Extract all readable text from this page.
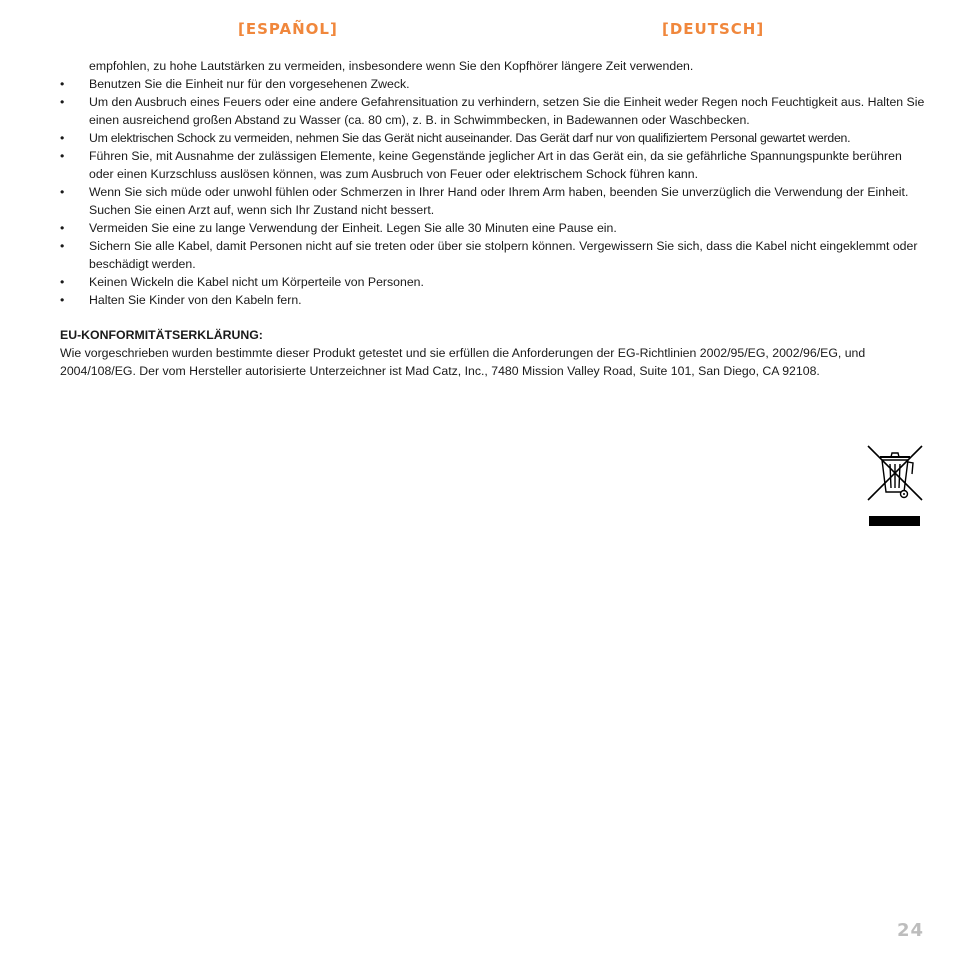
[ESPAÑOL]	[DEUTSCH]
empfohlen, zu hohe Lautstärken zu vermeiden, insbesondere wenn Sie den Kopfhörer längere Zeit verwenden.
• Benutzen Sie die Einheit nur für den vorgesehenen Zweck.
• Um den Ausbruch eines Feuers oder eine andere Gefahrensituation zu verhindern, setzen Sie die Einheit weder Regen noch Feuchtigkeit aus. Halten Sie einen ausreichend großen Abstand zu Wasser (ca. 80 cm), z. B. in Schwimmbecken, in Badewannen oder Waschbecken.
• Um elektrischen Schock zu vermeiden, nehmen Sie das Gerät nicht auseinander. Das Gerät darf nur von qualifiziertem Personal gewartet werden.
• Führen Sie, mit Ausnahme der zulässigen Elemente, keine Gegenstände jeglicher Art in das Gerät ein, da sie gefährliche Spannungspunkte berühren oder einen Kurzschluss auslösen können, was zum Ausbruch von Feuer oder elektrischem Schock führen kann.
• Wenn Sie sich müde oder unwohl fühlen oder Schmerzen in Ihrer Hand oder Ihrem Arm haben, beenden Sie unverzüglich die Verwendung der Einheit. Suchen Sie einen Arzt auf, wenn sich Ihr Zustand nicht bessert.
• Vermeiden Sie eine zu lange Verwendung der Einheit. Legen Sie alle 30 Minuten eine Pause ein.
• Sichern Sie alle Kabel, damit Personen nicht auf sie treten oder über sie stolpern können. Vergewissern Sie sich, dass die Kabel nicht eingeklemmt oder beschädigt werden.
• Keinen Wickeln die Kabel nicht um Körperteile von Personen.
• Halten Sie Kinder von den Kabeln fern.
EU-KONFORMITÄTSERKLÄRUNG:

Wie vorgeschrieben wurden bestimmte dieser Produkt getestet und sie erfüllen die Anforderungen der EG-Richtlinien 2002/95/EG, 2002/96/EG, und 2004/108/EG. Der vom Hersteller autorisierte Unterzeichner ist Mad Catz, Inc., 7480 Mission Valley Road, Suite 101, San Diego, CA 92108.

24
